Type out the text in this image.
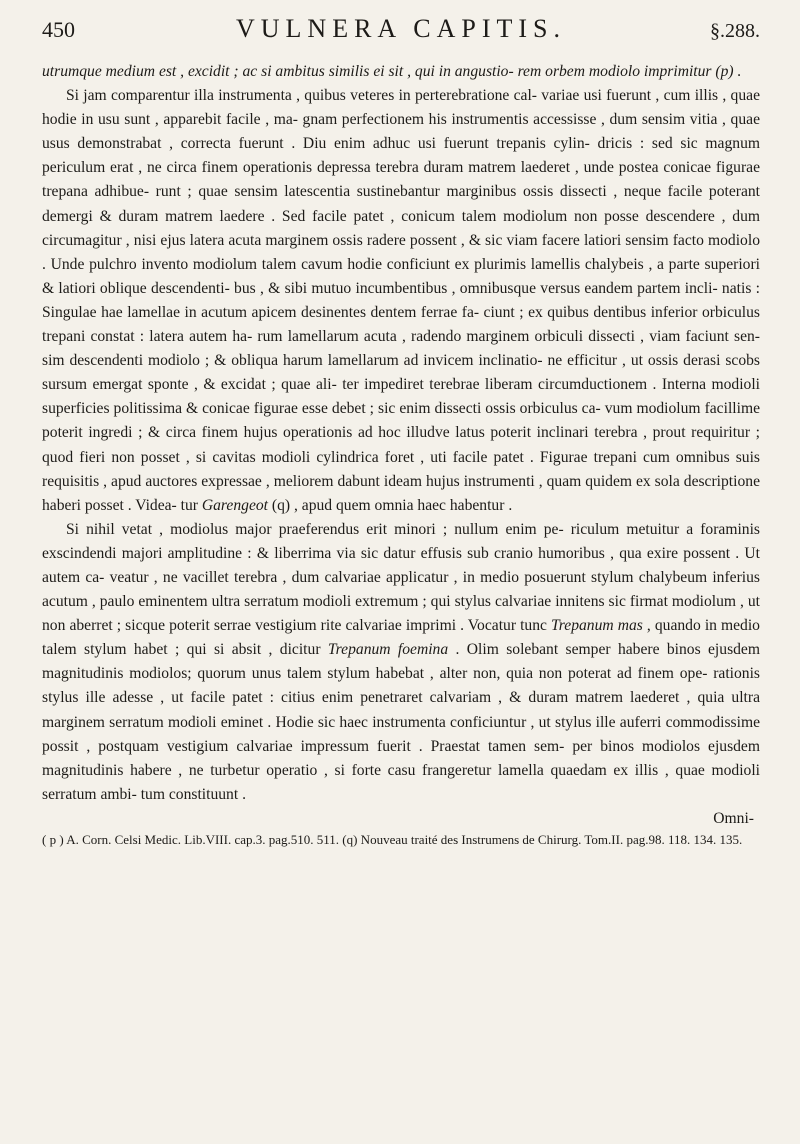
450	VULNERA CAPITIS.	§.288.

utrumque medium est , excidit ; ac si ambitus similis ei sit , qui in angustio- rem orbem modiolo imprimitur (p) .

Si jam comparentur illa instrumenta , quibus veteres in perterebratione cal- variae usi fuerunt , cum illis , quae hodie in usu sunt , apparebit facile , ma- gnam perfectionem his instrumentis accessisse , dum sensim vitia , quae usus demonstrabat , correcta fuerunt . Diu enim adhuc usi fuerunt trepanis cylin- dricis : sed sic magnum periculum erat , ne circa finem operationis depressa terebra duram matrem laederet , unde postea conicae figurae trepana adhibue- runt ; quae sensim latescentia sustinebantur marginibus ossis dissecti , neque facile poterant demergi & duram matrem laedere . Sed facile patet , conicum talem modiolum non posse descendere , dum circumagitur , nisi ejus latera acuta marginem ossis radere possent , & sic viam facere latiori sensim facto modiolo . Unde pulchro invento modiolum talem cavum hodie conficiunt ex plurimis lamellis chalybeis , a parte superiori & latiori oblique descendenti- bus , & sibi mutuo incumbentibus , omnibusque versus eandem partem incli- natis : Singulae hae lamellae in acutum apicem desinentes dentem ferrae fa- ciunt ; ex quibus dentibus inferior orbiculus trepani constat : latera autem ha- rum lamellarum acuta , radendo marginem orbiculi dissecti , viam faciunt sen- sim descendenti modiolo ; & obliqua harum lamellarum ad invicem inclinatio- ne efficitur , ut ossis derasi scobs sursum emergat sponte , & excidat ; quae ali- ter impediret terebrae liberam circumductionem . Interna modioli superficies politissima & conicae figurae esse debet ; sic enim dissecti ossis orbiculus ca- vum modiolum facillime poterit ingredi ; & circa finem hujus operationis ad hoc illudve latus poterit inclinari terebra , prout requiritur ; quod fieri non posset , si cavitas modioli cylindrica foret , uti facile patet . Figurae trepani cum omnibus suis requisitis , apud auctores expressae , meliorem dabunt ideam hujus instrumenti , quam quidem ex sola descriptione haberi posset . Videa- tur Garengeot (q) , apud quem omnia haec habentur .

Si nihil vetat , modiolus major praeferendus erit minori ; nullum enim pe- riculum metuitur a foraminis exscindendi majori amplitudine : & liberrima via sic datur effusis sub cranio humoribus , qua exire possent . Ut autem ca- veatur , ne vacillet terebra , dum calvariae applicatur , in medio posuerunt stylum chalybeum inferius acutum , paulo eminentem ultra serratum modioli extremum ; qui stylus calvariae innitens sic firmat modiolum , ut non aberret ; sicque poterit serrae vestigium rite calvariae imprimi . Vocatur tunc Trepanum mas , quando in medio talem stylum habet ; qui si absit , dicitur Trepanum foemina . Olim solebant semper habere binos ejusdem magnitudinis modiolos; quorum unus talem stylum habebat , alter non, quia non poterat ad finem ope- rationis stylus ille adesse , ut facile patet : citius enim penetraret calvariam , & duram matrem laederet , quia ultra marginem serratum modioli eminet . Hodie sic haec instrumenta conficiuntur , ut stylus ille auferri commodissime possit , postquam vestigium calvariae impressum fuerit . Praestat tamen sem- per binos modiolos ejusdem magnitudinis habere , ne turbetur operatio , si forte casu frangeretur lamella quaedam ex illis , quae modioli serratum ambi- tum constituunt .

Omni-

( p ) A. Corn. Celsi Medic. Lib.VIII. cap.3. pag.510. 511. (q) Nouveau traité des Instrumens de Chirurg. Tom.II. pag.98. 118. 134. 135.
